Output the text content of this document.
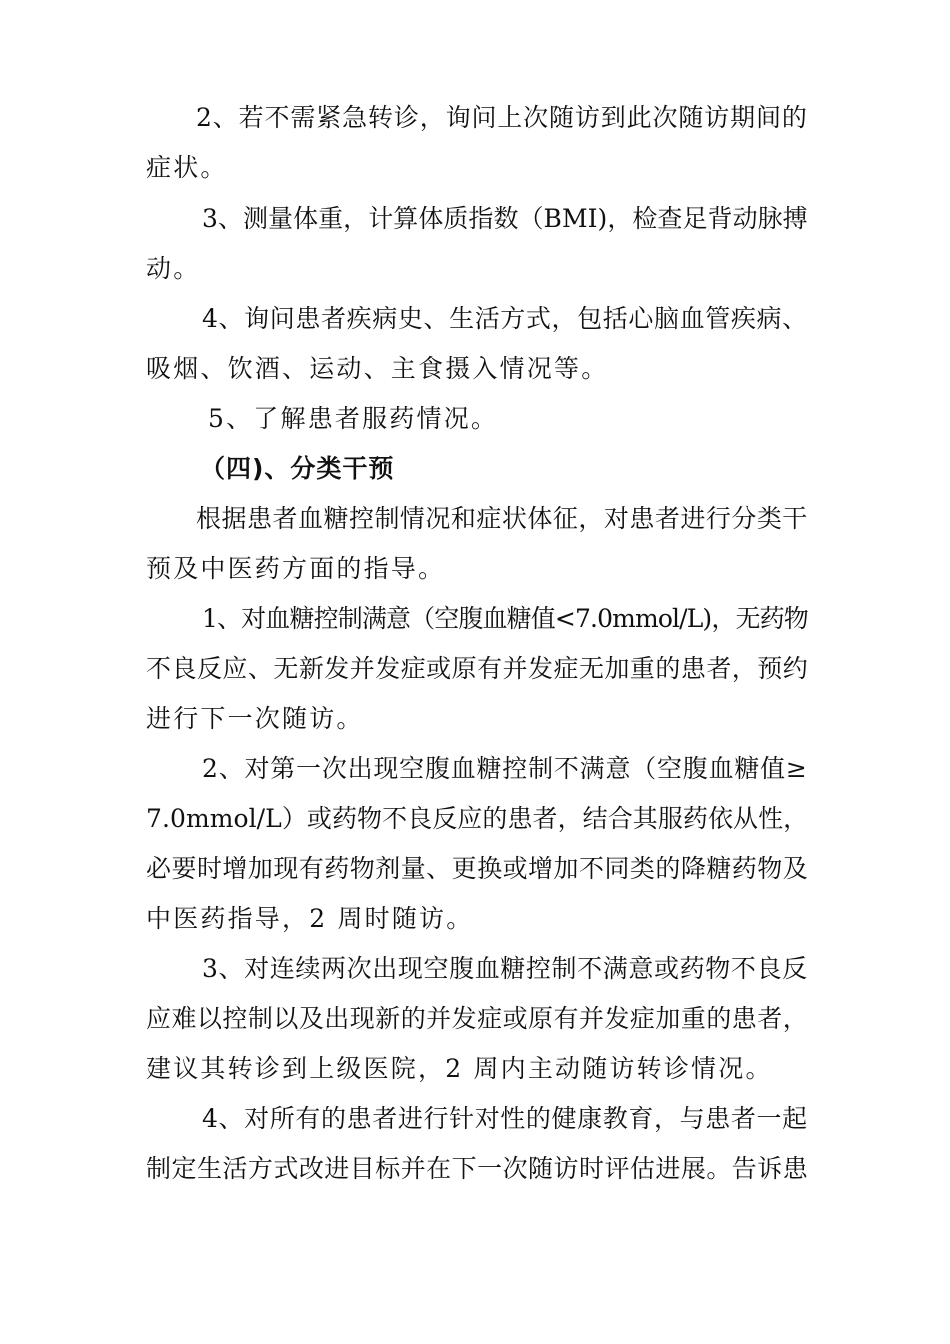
2、若不需紧急转诊，询问上次随访到此次随访期间的
症状。
3、测量体重，计算体质指数（BMI)，检查足背动脉搏
动。
4、询问患者疾病史、生活方式，包括心脑血管疾病、
吸烟、饮酒、运动、主食摄入情况等。
5、了解患者服药情况。
（四)、分类干预
根据患者血糖控制情况和症状体征，对患者进行分类干
预及中医药方面的指导。
1、对血糖控制满意（空腹血糖值<7.0mmol/L)，无药物
不良反应、无新发并发症或原有并发症无加重的患者，预约
进行下一次随访。
2、对第一次出现空腹血糖控制不满意（空腹血糖值≥
7.0mmol/L）或药物不良反应的患者，结合其服药依从性，
必要时增加现有药物剂量、更换或增加不同类的降糖药物及
中医药指导，2 周时随访。
3、对连续两次出现空腹血糖控制不满意或药物不良反
应难以控制以及出现新的并发症或原有并发症加重的患者，
建议其转诊到上级医院，2 周内主动随访转诊情况。
4、对所有的患者进行针对性的健康教育，与患者一起
制定生活方式改进目标并在下一次随访时评估进展。告诉患
